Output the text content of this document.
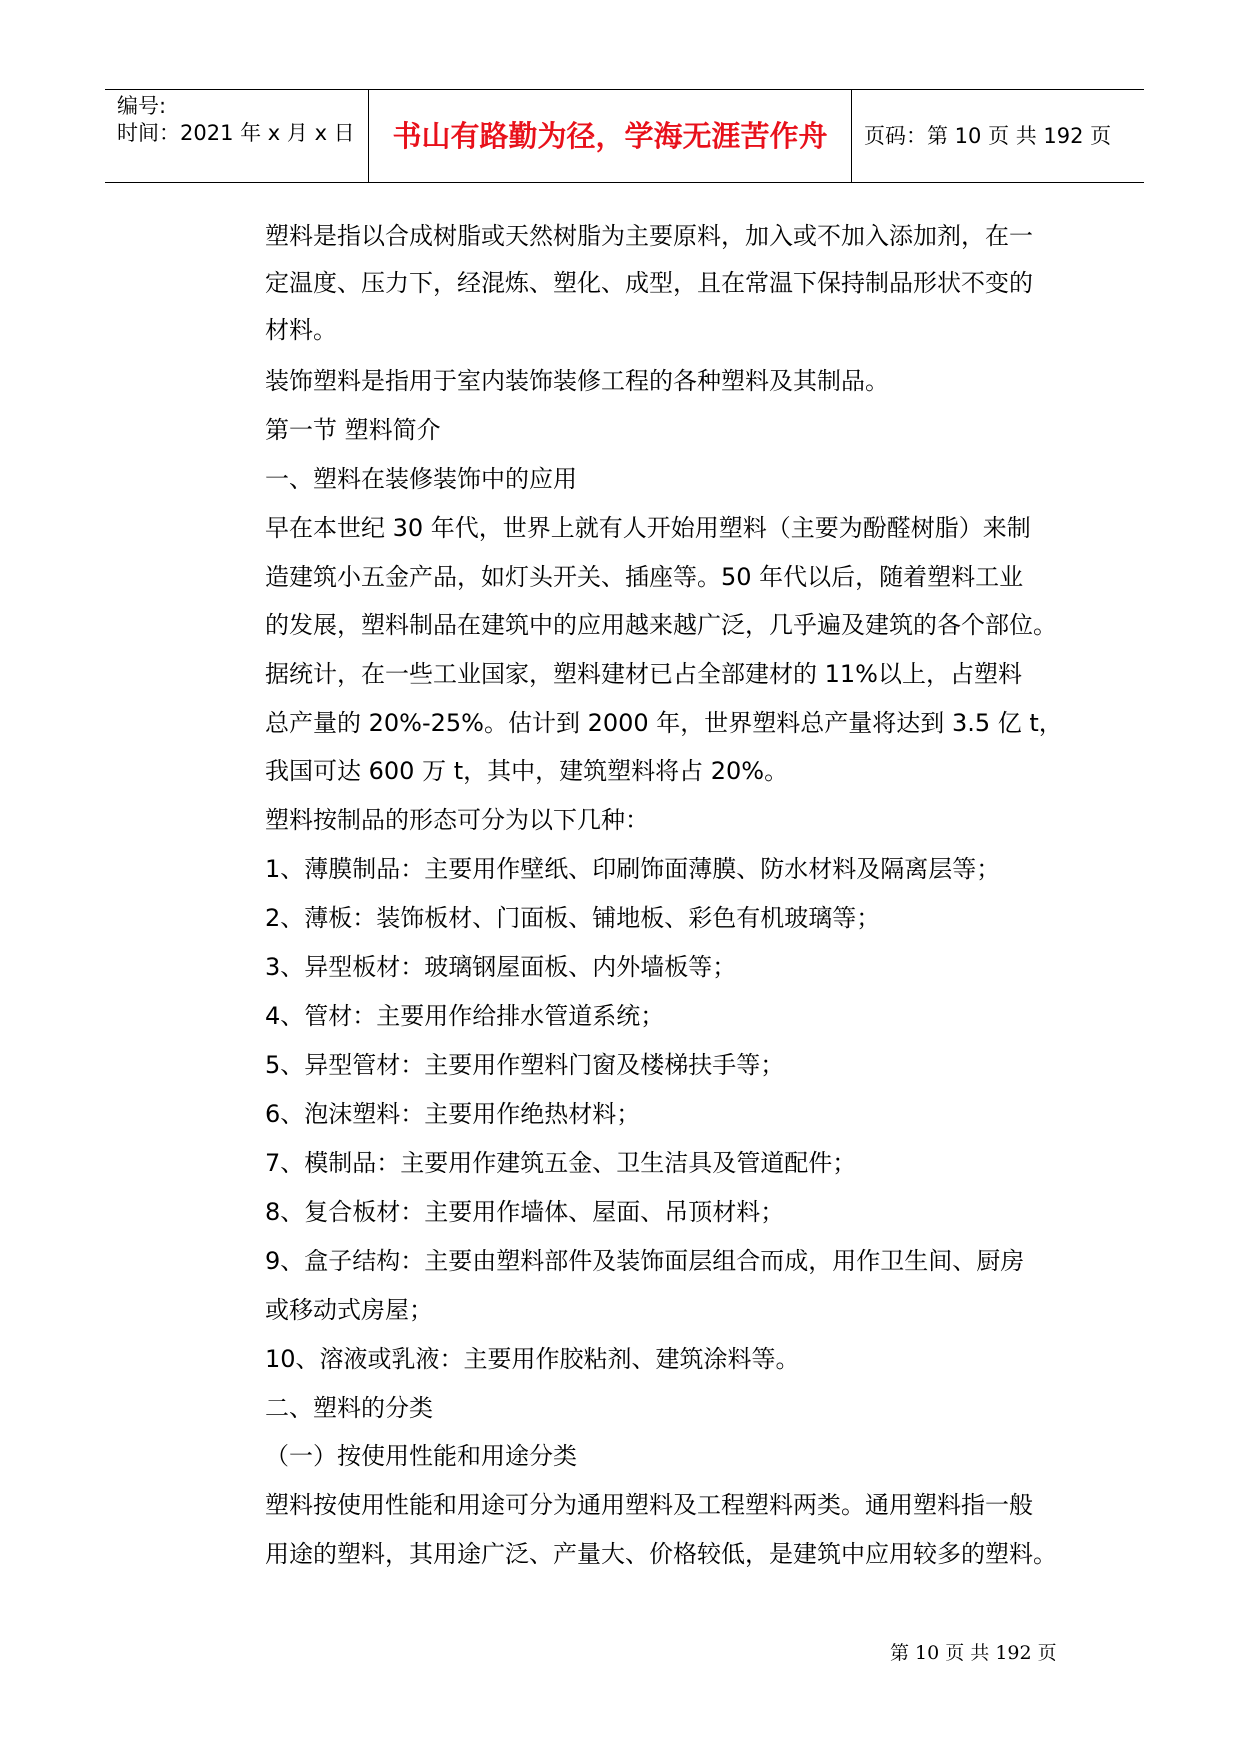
编号:
时间：2021 年 x 月 x 日	书山有路勤为径，学海无涯苦作舟	页码：第 10 页 共 192 页
塑料是指以合成树脂或天然树脂为主要原料，加入或不加入添加剂，在一
定温度、压力下，经混炼、塑化、成型，且在常温下保持制品形状不变的
材料。
装饰塑料是指用于室内装饰装修工程的各种塑料及其制品。
第一节 塑料简介
一、塑料在装修装饰中的应用
早在本世纪 30 年代，世界上就有人开始用塑料（主要为酚醛树脂）来制
造建筑小五金产品，如灯头开关、插座等。50 年代以后，随着塑料工业
的发展，塑料制品在建筑中的应用越来越广泛，几乎遍及建筑的各个部位。
据统计，在一些工业国家，塑料建材已占全部建材的 11%以上，占塑料
总产量的 20%-25%。估计到 2000 年，世界塑料总产量将达到 3.5 亿 t，
我国可达 600 万 t，其中，建筑塑料将占 20%。
塑料按制品的形态可分为以下几种：
1、薄膜制品：主要用作壁纸、印刷饰面薄膜、防水材料及隔离层等；
2、薄板：装饰板材、门面板、铺地板、彩色有机玻璃等；
3、异型板材：玻璃钢屋面板、内外墙板等；
4、管材：主要用作给排水管道系统；
5、异型管材：主要用作塑料门窗及楼梯扶手等；
6、泡沫塑料：主要用作绝热材料；
7、模制品：主要用作建筑五金、卫生洁具及管道配件；
8、复合板材：主要用作墙体、屋面、吊顶材料；
9、盒子结构：主要由塑料部件及装饰面层组合而成，用作卫生间、厨房
或移动式房屋；
10、溶液或乳液：主要用作胶粘剂、建筑涂料等。
二、塑料的分类
（一）按使用性能和用途分类
塑料按使用性能和用途可分为通用塑料及工程塑料两类。通用塑料指一般
用途的塑料，其用途广泛、产量大、价格较低，是建筑中应用较多的塑料。
第 10 页 共 192 页
